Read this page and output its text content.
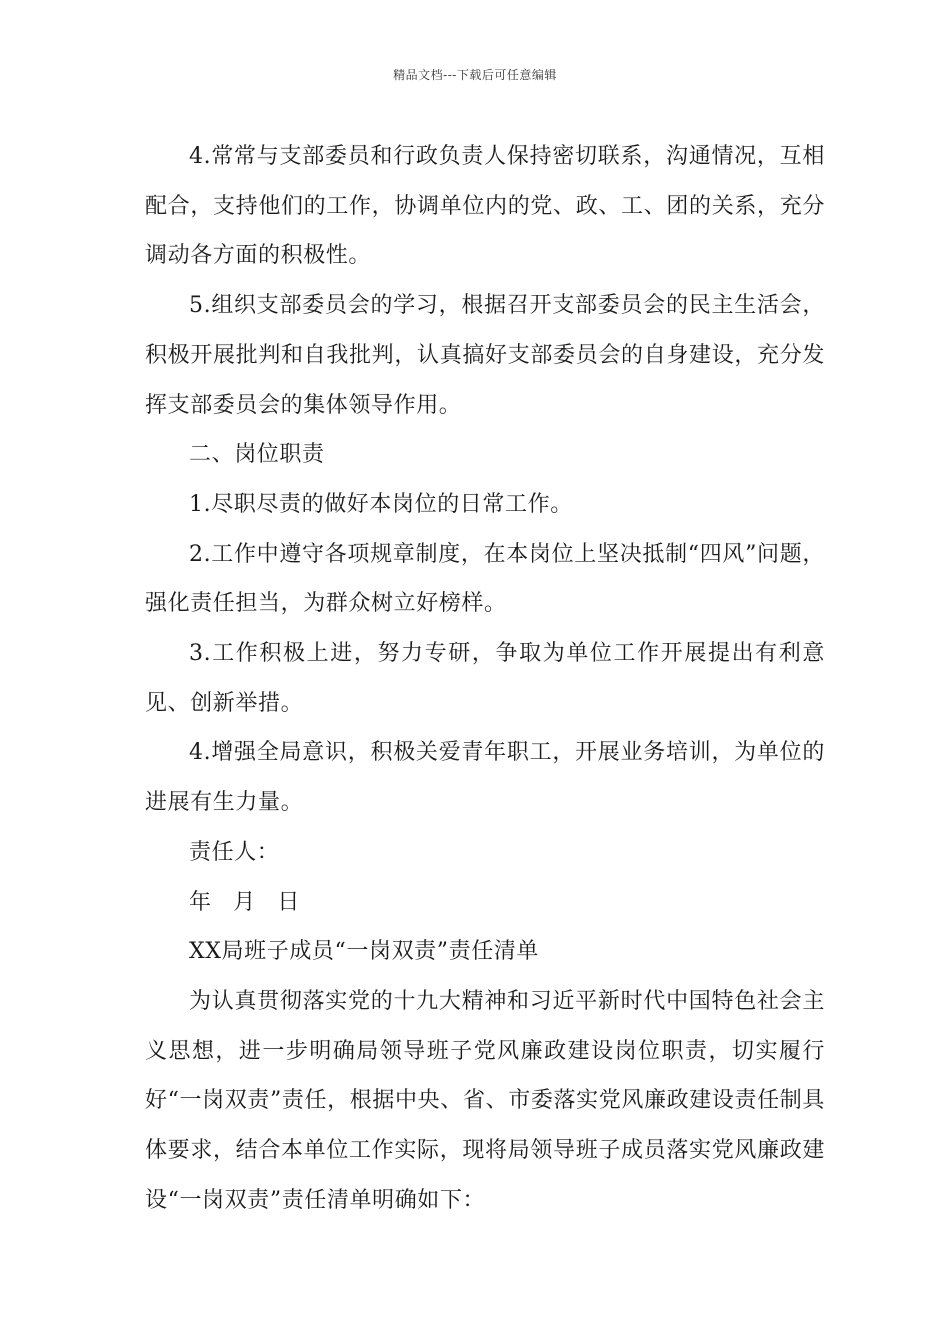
精品文档---下载后可任意编辑

4.常常与支部委员和行政负责人保持密切联系，沟通情况，互相配合，支持他们的工作，协调单位内的党、政、工、团的关系，充分调动各方面的积极性。

5.组织支部委员会的学习，根据召开支部委员会的民主生活会，积极开展批判和自我批判，认真搞好支部委员会的自身建设，充分发挥支部委员会的集体领导作用。

二、岗位职责

1.尽职尽责的做好本岗位的日常工作。

2.工作中遵守各项规章制度，在本岗位上坚决抵制“四风”问题，强化责任担当，为群众树立好榜样。

3.工作积极上进，努力专研，争取为单位工作开展提出有利意见、创新举措。

4.增强全局意识，积极关爱青年职工，开展业务培训，为单位的进展有生力量。

责任人：

年 月 日

XX局班子成员“一岗双责”责任清单

为认真贯彻落实党的十九大精神和习近平新时代中国特色社会主义思想，进一步明确局领导班子党风廉政建设岗位职责，切实履行好“一岗双责”责任，根据中央、省、市委落实党风廉政建设责任制具体要求，结合本单位工作实际，现将局领导班子成员落实党风廉政建设“一岗双责”责任清单明确如下：
